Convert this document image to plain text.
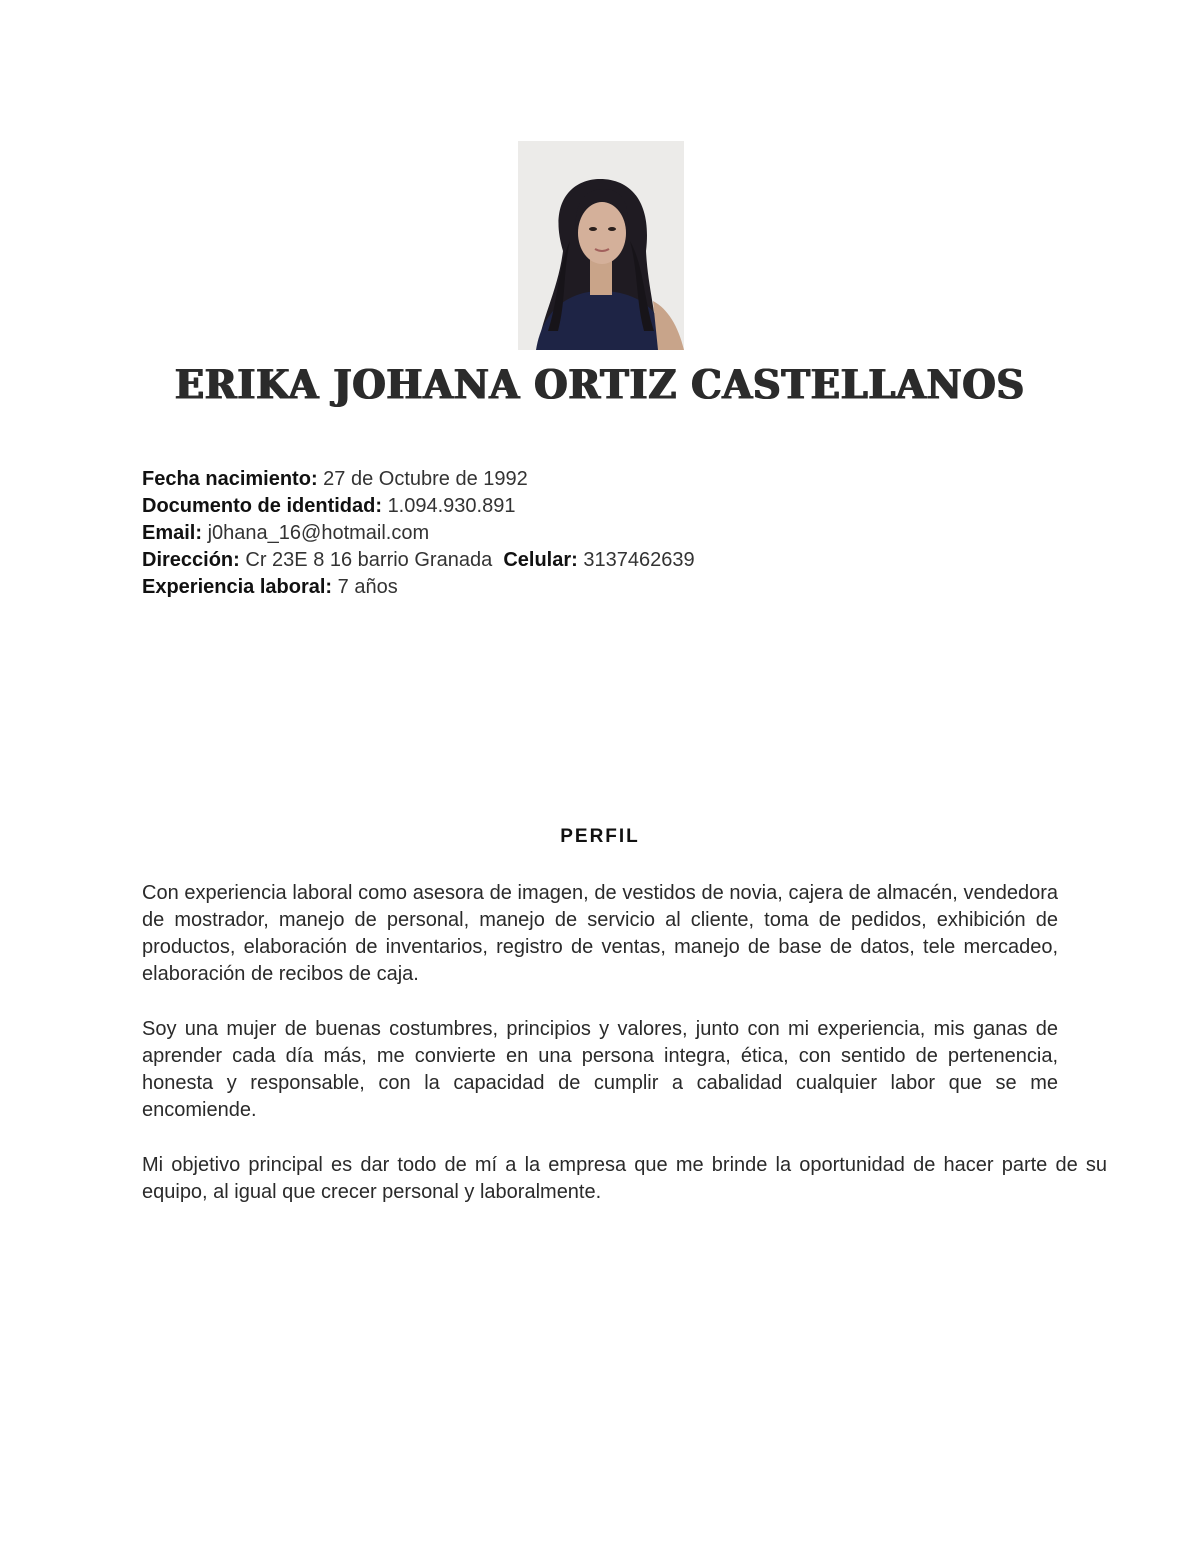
ERIKA JOHANA ORTIZ CASTELLANOS
Fecha nacimiento: 27 de Octubre de 1992
Documento de identidad: 1.094.930.891
Email: j0hana_16@hotmail.com
Dirección: Cr 23E 8 16 barrio Granada Celular: 3137462639
Experiencia laboral: 7 años
PERFIL

Con experiencia laboral como asesora de imagen, de vestidos de novia, cajera de almacén, vendedora de mostrador, manejo de personal, manejo de servicio al cliente, toma de pedidos, exhibición de productos, elaboración de inventarios, registro de ventas, manejo de base de datos, tele mercadeo, elaboración de recibos de caja.

Soy una mujer de buenas costumbres, principios y valores, junto con mi experiencia, mis ganas de aprender cada día más, me convierte en una persona integra, ética, con sentido de pertenencia, honesta y responsable, con la capacidad de cumplir a cabalidad cualquier labor que se me encomiende.

Mi objetivo principal es dar todo de mí a la empresa que me brinde la oportunidad de hacer parte de su equipo, al igual que crecer personal y laboralmente.
